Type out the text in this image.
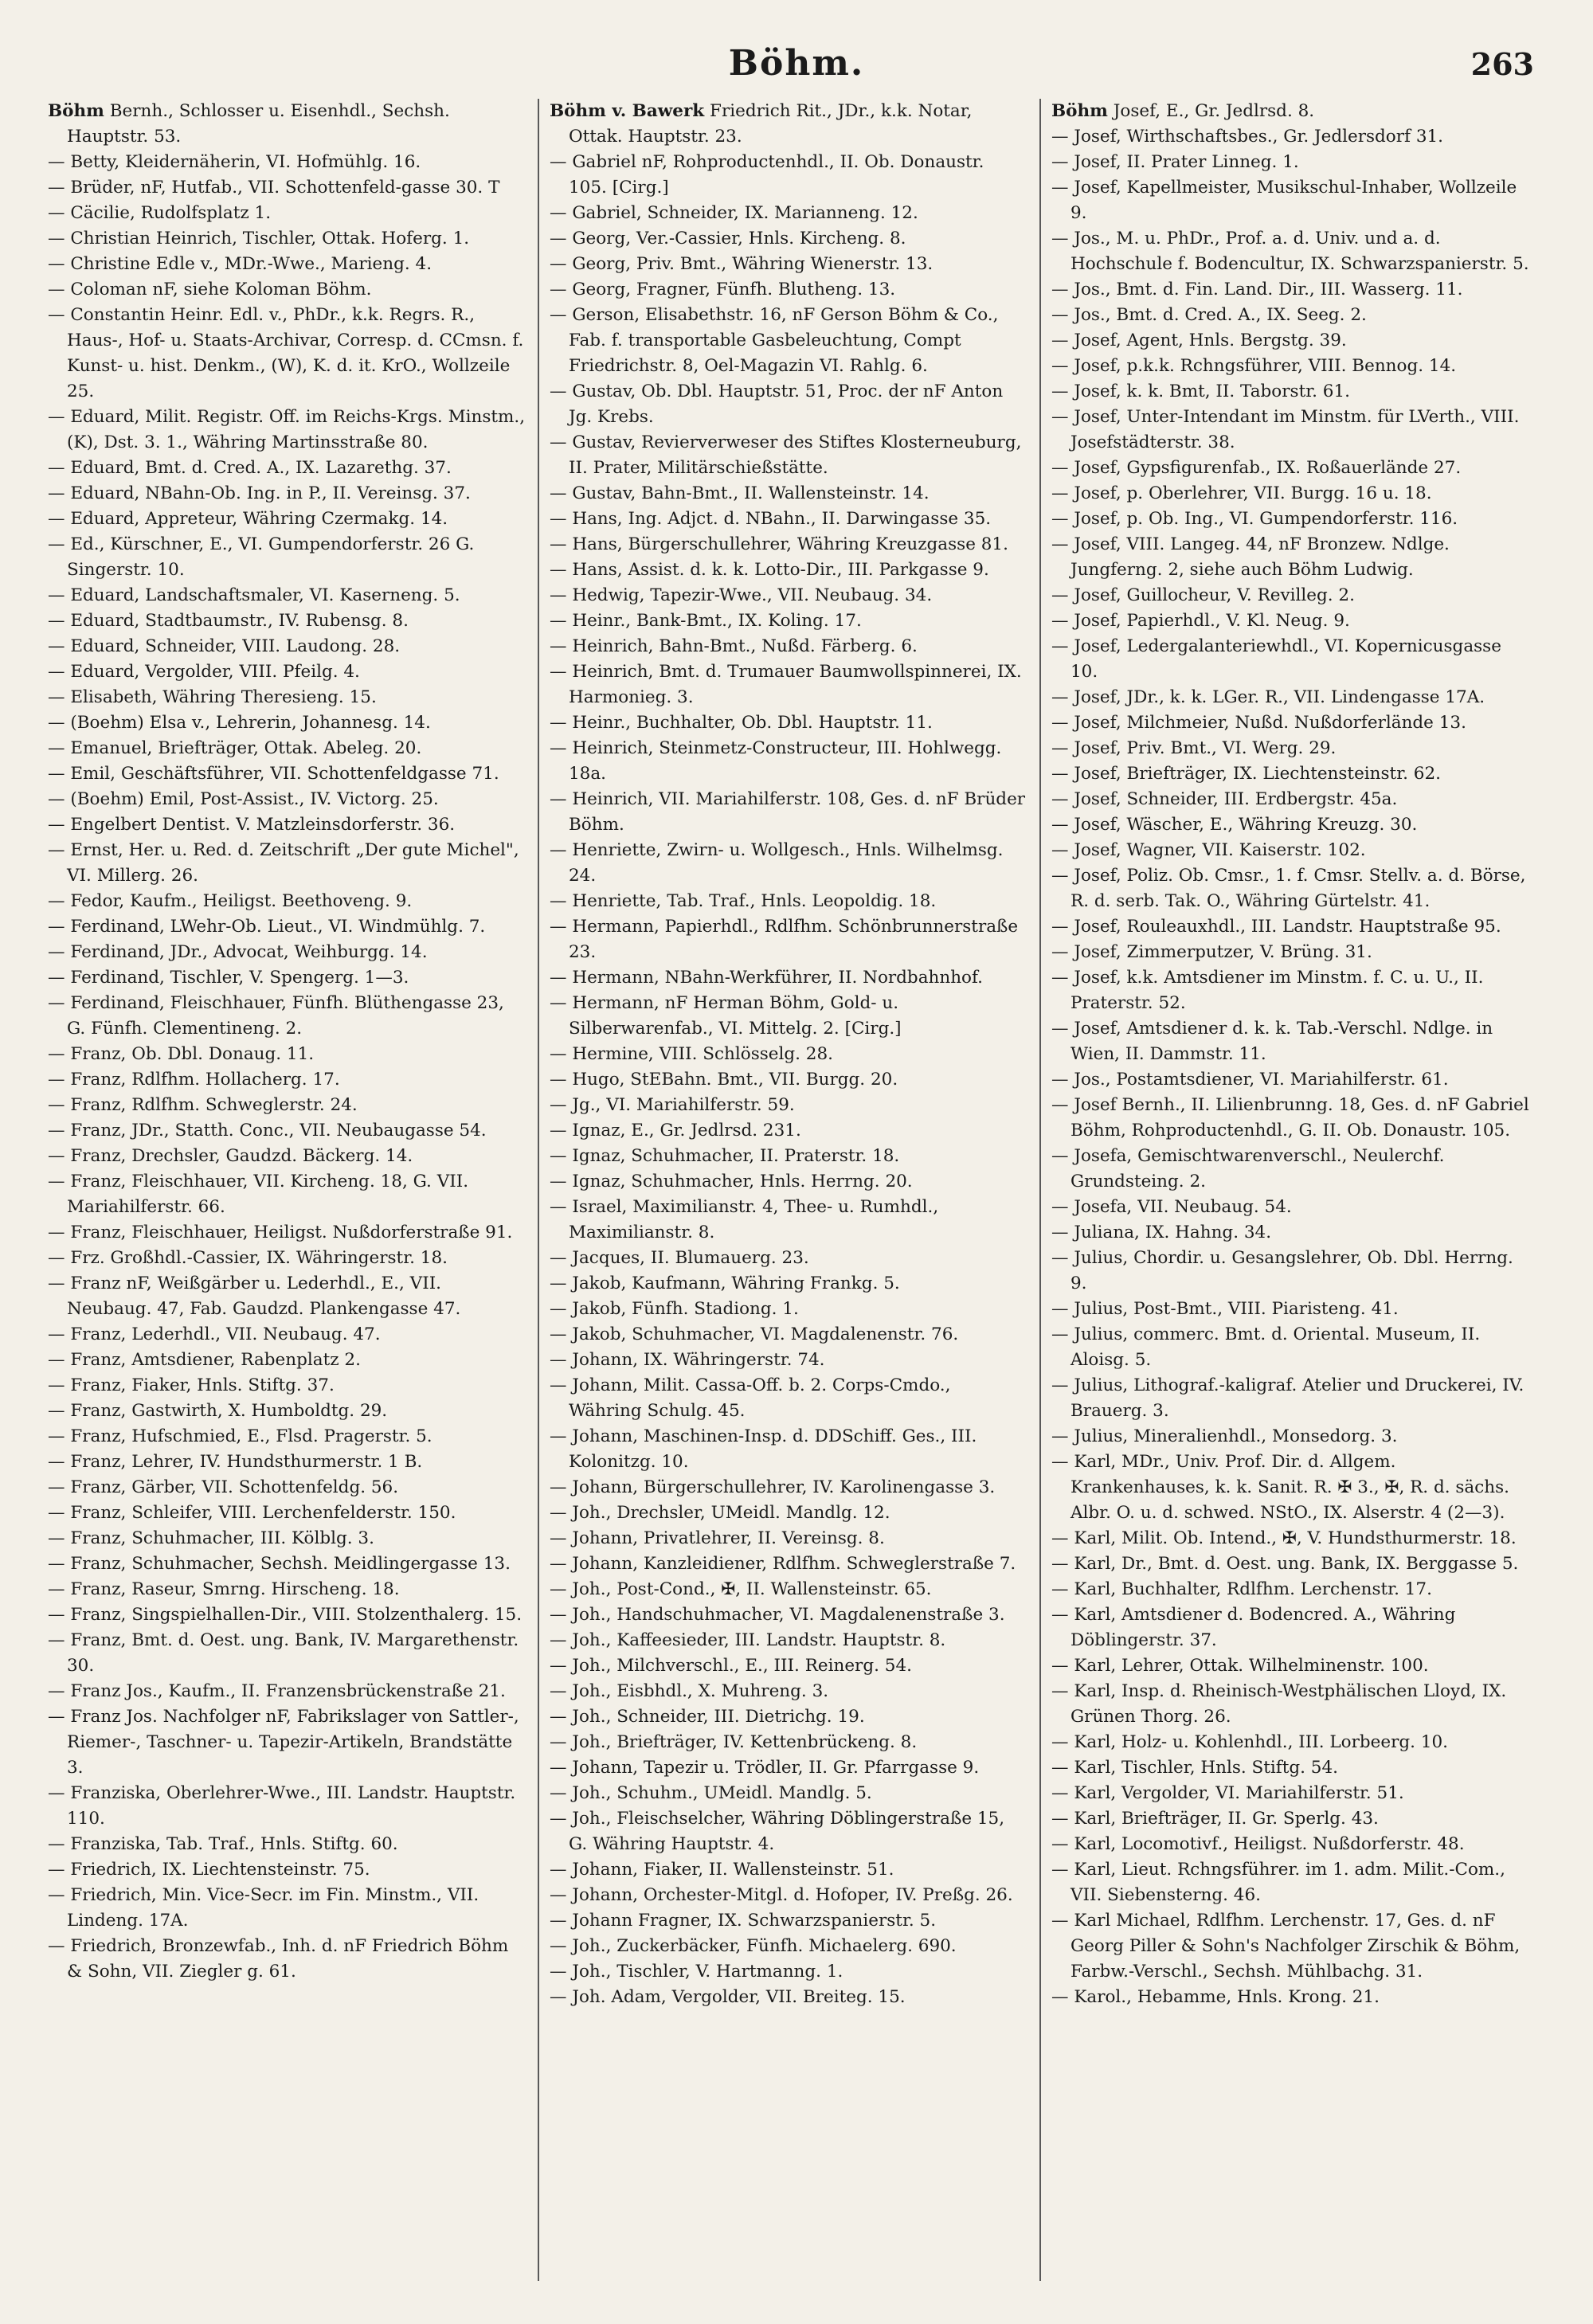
Böhm.	263

Böhm Bernh., Schlosser u. Eisenhdl., Sechsh. Hauptstr. 53.

— Betty, Kleidernäherin, VI. Hofmühlg. 16.

— Brüder, nF, Hutfab., VII. Schottenfeld-gasse 30. T

— Cäcilie, Rudolfsplatz 1.

— Christian Heinrich, Tischler, Ottak. Hoferg. 1.

— Christine Edle v., MDr.-Wwe., Marieng. 4.

— Coloman nF, siehe Koloman Böhm.

— Constantin Heinr. Edl. v., PhDr., k.k. Regrs. R., Haus-, Hof- u. Staats-Archivar, Corresp. d. CCmsn. f. Kunst- u. hist. Denkm., (W), K. d. it. KrO., Wollzeile 25.

— Eduard, Milit. Registr. Off. im Reichs-Krgs. Minstm., (K), Dst. 3. 1., Währing Martinsstraße 80.

— Eduard, Bmt. d. Cred. A., IX. Lazarethg. 37.

— Eduard, NBahn-Ob. Ing. in P., II. Vereinsg. 37.

— Eduard, Appreteur, Währing Czermakg. 14.

— Ed., Kürschner, E., VI. Gumpendorferstr. 26 G. Singerstr. 10.

— Eduard, Landschaftsmaler, VI. Kaserneng. 5.

— Eduard, Stadtbaumstr., IV. Rubensg. 8.

— Eduard, Schneider, VIII. Laudong. 28.

— Eduard, Vergolder, VIII. Pfeilg. 4.

— Elisabeth, Währing Theresieng. 15.

— (Boehm) Elsa v., Lehrerin, Johannesg. 14.

— Emanuel, Briefträger, Ottak. Abeleg. 20.

— Emil, Geschäftsführer, VII. Schottenfeldgasse 71.

— (Boehm) Emil, Post-Assist., IV. Victorg. 25.

— Engelbert Dentist. V. Matzleinsdorferstr. 36.

— Ernst, Her. u. Red. d. Zeitschrift „Der gute Michel", VI. Millerg. 26.

— Fedor, Kaufm., Heiligst. Beethoveng. 9.

— Ferdinand, LWehr-Ob. Lieut., VI. Windmühlg. 7.

— Ferdinand, JDr., Advocat, Weihburgg. 14.

— Ferdinand, Tischler, V. Spengerg. 1—3.

— Ferdinand, Fleischhauer, Fünfh. Blüthengasse 23, G. Fünfh. Clementineng. 2.

— Franz, Ob. Dbl. Donaug. 11.

— Franz, Rdlfhm. Hollacherg. 17.

— Franz, Rdlfhm. Schweglerstr. 24.

— Franz, JDr., Statth. Conc., VII. Neubaugasse 54.

— Franz, Drechsler, Gaudzd. Bäckerg. 14.

— Franz, Fleischhauer, VII. Kircheng. 18, G. VII. Mariahilferstr. 66.

— Franz, Fleischhauer, Heiligst. Nußdorferstraße 91.

— Frz. Großhdl.-Cassier, IX. Währingerstr. 18.

— Franz nF, Weißgärber u. Lederhdl., E., VII. Neubaug. 47, Fab. Gaudzd. Plankengasse 47.

— Franz, Lederhdl., VII. Neubaug. 47.

— Franz, Amtsdiener, Rabenplatz 2.

— Franz, Fiaker, Hnls. Stiftg. 37.

— Franz, Gastwirth, X. Humboldtg. 29.

— Franz, Hufschmied, E., Flsd. Pragerstr. 5.

— Franz, Lehrer, IV. Hundsthurmerstr. 1 B.

— Franz, Gärber, VII. Schottenfeldg. 56.

— Franz, Schleifer, VIII. Lerchenfelderstr. 150.

— Franz, Schuhmacher, III. Kölblg. 3.

— Franz, Schuhmacher, Sechsh. Meidlingergasse 13.

— Franz, Raseur, Smrng. Hirscheng. 18.

— Franz, Singspielhallen-Dir., VIII. Stolzenthalerg. 15.

— Franz, Bmt. d. Oest. ung. Bank, IV. Margarethenstr. 30.

— Franz Jos., Kaufm., II. Franzensbrückenstraße 21.

— Franz Jos. Nachfolger nF, Fabrikslager von Sattler-, Riemer-, Taschner- u. Tapezir-Artikeln, Brandstätte 3.

— Franziska, Oberlehrer-Wwe., III. Landstr. Hauptstr. 110.

— Franziska, Tab. Traf., Hnls. Stiftg. 60.

— Friedrich, IX. Liechtensteinstr. 75.

— Friedrich, Min. Vice-Secr. im Fin. Minstm., VII. Lindeng. 17A.

— Friedrich, Bronzewfab., Inh. d. nF Friedrich Böhm & Sohn, VII. Ziegler g. 61.

Böhm v. Bawerk Friedrich Rit., JDr., k.k. Notar, Ottak. Hauptstr. 23.

— Gabriel nF, Rohproductenhdl., II. Ob. Donaustr. 105. [Cirg.]

— Gabriel, Schneider, IX. Marianneng. 12.

— Georg, Ver.-Cassier, Hnls. Kircheng. 8.

— Georg, Priv. Bmt., Währing Wienerstr. 13.

— Georg, Fragner, Fünfh. Blutheng. 13.

— Gerson, Elisabethstr. 16, nF Gerson Böhm & Co., Fab. f. transportable Gasbeleuchtung, Compt Friedrichstr. 8, Oel-Magazin VI. Rahlg. 6.

— Gustav, Ob. Dbl. Hauptstr. 51, Proc. der nF Anton Jg. Krebs.

— Gustav, Revierverweser des Stiftes Klosterneuburg, II. Prater, Militärschießstätte.

— Gustav, Bahn-Bmt., II. Wallensteinstr. 14.

— Hans, Ing. Adjct. d. NBahn., II. Darwingasse 35.

— Hans, Bürgerschullehrer, Währing Kreuzgasse 81.

— Hans, Assist. d. k. k. Lotto-Dir., III. Parkgasse 9.

— Hedwig, Tapezir-Wwe., VII. Neubaug. 34.

— Heinr., Bank-Bmt., IX. Koling. 17.

— Heinrich, Bahn-Bmt., Nußd. Färberg. 6.

— Heinrich, Bmt. d. Trumauer Baumwollspinnerei, IX. Harmonieg. 3.

— Heinr., Buchhalter, Ob. Dbl. Hauptstr. 11.

— Heinrich, Steinmetz-Constructeur, III. Hohlwegg. 18a.

— Heinrich, VII. Mariahilferstr. 108, Ges. d. nF Brüder Böhm.

— Henriette, Zwirn- u. Wollgesch., Hnls. Wilhelmsg. 24.

— Henriette, Tab. Traf., Hnls. Leopoldig. 18.

— Hermann, Papierhdl., Rdlfhm. Schönbrunnerstraße 23.

— Hermann, NBahn-Werkführer, II. Nordbahnhof.

— Hermann, nF Herman Böhm, Gold- u. Silberwarenfab., VI. Mittelg. 2. [Cirg.]

— Hermine, VIII. Schlösselg. 28.

— Hugo, StEBahn. Bmt., VII. Burgg. 20.

— Jg., VI. Mariahilferstr. 59.

— Ignaz, E., Gr. Jedlrsd. 231.

— Ignaz, Schuhmacher, II. Praterstr. 18.

— Ignaz, Schuhmacher, Hnls. Herrng. 20.

— Israel, Maximilianstr. 4, Thee- u. Rumhdl., Maximilianstr. 8.

— Jacques, II. Blumauerg. 23.

— Jakob, Kaufmann, Währing Frankg. 5.

— Jakob, Fünfh. Stadiong. 1.

— Jakob, Schuhmacher, VI. Magdalenenstr. 76.

— Johann, IX. Währingerstr. 74.

— Johann, Milit. Cassa-Off. b. 2. Corps-Cmdo., Währing Schulg. 45.

— Johann, Maschinen-Insp. d. DDSchiff. Ges., III. Kolonitzg. 10.

— Johann, Bürgerschullehrer, IV. Karolinengasse 3.

— Joh., Drechsler, UMeidl. Mandlg. 12.

— Johann, Privatlehrer, II. Vereinsg. 8.

— Johann, Kanzleidiener, Rdlfhm. Schweglerstraße 7.

— Joh., Post-Cond., ✠, II. Wallensteinstr. 65.

— Joh., Handschuhmacher, VI. Magdalenenstraße 3.

— Joh., Kaffeesieder, III. Landstr. Hauptstr. 8.

— Joh., Milchverschl., E., III. Reinerg. 54.

— Joh., Eisbhdl., X. Muhreng. 3.

— Joh., Schneider, III. Dietrichg. 19.

— Joh., Briefträger, IV. Kettenbrückeng. 8.

— Johann, Tapezir u. Trödler, II. Gr. Pfarrgasse 9.

— Joh., Schuhm., UMeidl. Mandlg. 5.

— Joh., Fleischselcher, Währing Döblingerstraße 15, G. Währing Hauptstr. 4.

— Johann, Fiaker, II. Wallensteinstr. 51.

— Johann, Orchester-Mitgl. d. Hofoper, IV. Preßg. 26.

— Johann Fragner, IX. Schwarzspanierstr. 5.

— Joh., Zuckerbäcker, Fünfh. Michaelerg. 690.

— Joh., Tischler, V. Hartmanng. 1.

— Joh. Adam, Vergolder, VII. Breiteg. 15.

Böhm Josef, E., Gr. Jedlrsd. 8.

— Josef, Wirthschaftsbes., Gr. Jedlersdorf 31.

— Josef, II. Prater Linneg. 1.

— Josef, Kapellmeister, Musikschul-Inhaber, Wollzeile 9.

— Jos., M. u. PhDr., Prof. a. d. Univ. und a. d. Hochschule f. Bodencultur, IX. Schwarzspanierstr. 5.

— Jos., Bmt. d. Fin. Land. Dir., III. Wasserg. 11.

— Jos., Bmt. d. Cred. A., IX. Seeg. 2.

— Josef, Agent, Hnls. Bergstg. 39.

— Josef, p.k.k. Rchngsführer, VIII. Bennog. 14.

— Josef, k. k. Bmt, II. Taborstr. 61.

— Josef, Unter-Intendant im Minstm. für LVerth., VIII. Josefstädterstr. 38.

— Josef, Gypsfigurenfab., IX. Roßauerlände 27.

— Josef, p. Oberlehrer, VII. Burgg. 16 u. 18.

— Josef, p. Ob. Ing., VI. Gumpendorferstr. 116.

— Josef, VIII. Langeg. 44, nF Bronzew. Ndlge. Jungferng. 2, siehe auch Böhm Ludwig.

— Josef, Guillocheur, V. Revilleg. 2.

— Josef, Papierhdl., V. Kl. Neug. 9.

— Josef, Ledergalanteriewhdl., VI. Kopernicusgasse 10.

— Josef, JDr., k. k. LGer. R., VII. Lindengasse 17A.

— Josef, Milchmeier, Nußd. Nußdorferlände 13.

— Josef, Priv. Bmt., VI. Werg. 29.

— Josef, Briefträger, IX. Liechtensteinstr. 62.

— Josef, Schneider, III. Erdbergstr. 45a.

— Josef, Wäscher, E., Währing Kreuzg. 30.

— Josef, Wagner, VII. Kaiserstr. 102.

— Josef, Poliz. Ob. Cmsr., 1. f. Cmsr. Stellv. a. d. Börse, R. d. serb. Tak. O., Währing Gürtelstr. 41.

— Josef, Rouleauxhdl., III. Landstr. Hauptstraße 95.

— Josef, Zimmerputzer, V. Brüng. 31.

— Josef, k.k. Amtsdiener im Minstm. f. C. u. U., II. Praterstr. 52.

— Josef, Amtsdiener d. k. k. Tab.-Verschl. Ndlge. in Wien, II. Dammstr. 11.

— Jos., Postamtsdiener, VI. Mariahilferstr. 61.

— Josef Bernh., II. Lilienbrunng. 18, Ges. d. nF Gabriel Böhm, Rohproductenhdl., G. II. Ob. Donaustr. 105.

— Josefa, Gemischtwarenverschl., Neulerchf. Grundsteing. 2.

— Josefa, VII. Neubaug. 54.

— Juliana, IX. Hahng. 34.

— Julius, Chordir. u. Gesangslehrer, Ob. Dbl. Herrng. 9.

— Julius, Post-Bmt., VIII. Piaristeng. 41.

— Julius, commerc. Bmt. d. Oriental. Museum, II. Aloisg. 5.

— Julius, Lithograf.-kaligraf. Atelier und Druckerei, IV. Brauerg. 3.

— Julius, Mineralienhdl., Monsedorg. 3.

— Karl, MDr., Univ. Prof. Dir. d. Allgem. Krankenhauses, k. k. Sanit. R. ✠ 3., ✠, R. d. sächs. Albr. O. u. d. schwed. NStO., IX. Alserstr. 4 (2—3).

— Karl, Milit. Ob. Intend., ✠, V. Hundsthurmerstr. 18.

— Karl, Dr., Bmt. d. Oest. ung. Bank, IX. Berggasse 5.

— Karl, Buchhalter, Rdlfhm. Lerchenstr. 17.

— Karl, Amtsdiener d. Bodencred. A., Währing Döblingerstr. 37.

— Karl, Lehrer, Ottak. Wilhelminenstr. 100.

— Karl, Insp. d. Rheinisch-Westphälischen Lloyd, IX. Grünen Thorg. 26.

— Karl, Holz- u. Kohlenhdl., III. Lorbeerg. 10.

— Karl, Tischler, Hnls. Stiftg. 54.

— Karl, Vergolder, VI. Mariahilferstr. 51.

— Karl, Briefträger, II. Gr. Sperlg. 43.

— Karl, Locomotivf., Heiligst. Nußdorferstr. 48.

— Karl, Lieut. Rchngsführer. im 1. adm. Milit.-Com., VII. Siebensterng. 46.

— Karl Michael, Rdlfhm. Lerchenstr. 17, Ges. d. nF Georg Piller & Sohn's Nachfolger Zirschik & Böhm, Farbw.-Verschl., Sechsh. Mühlbachg. 31.

— Karol., Hebamme, Hnls. Krong. 21.
